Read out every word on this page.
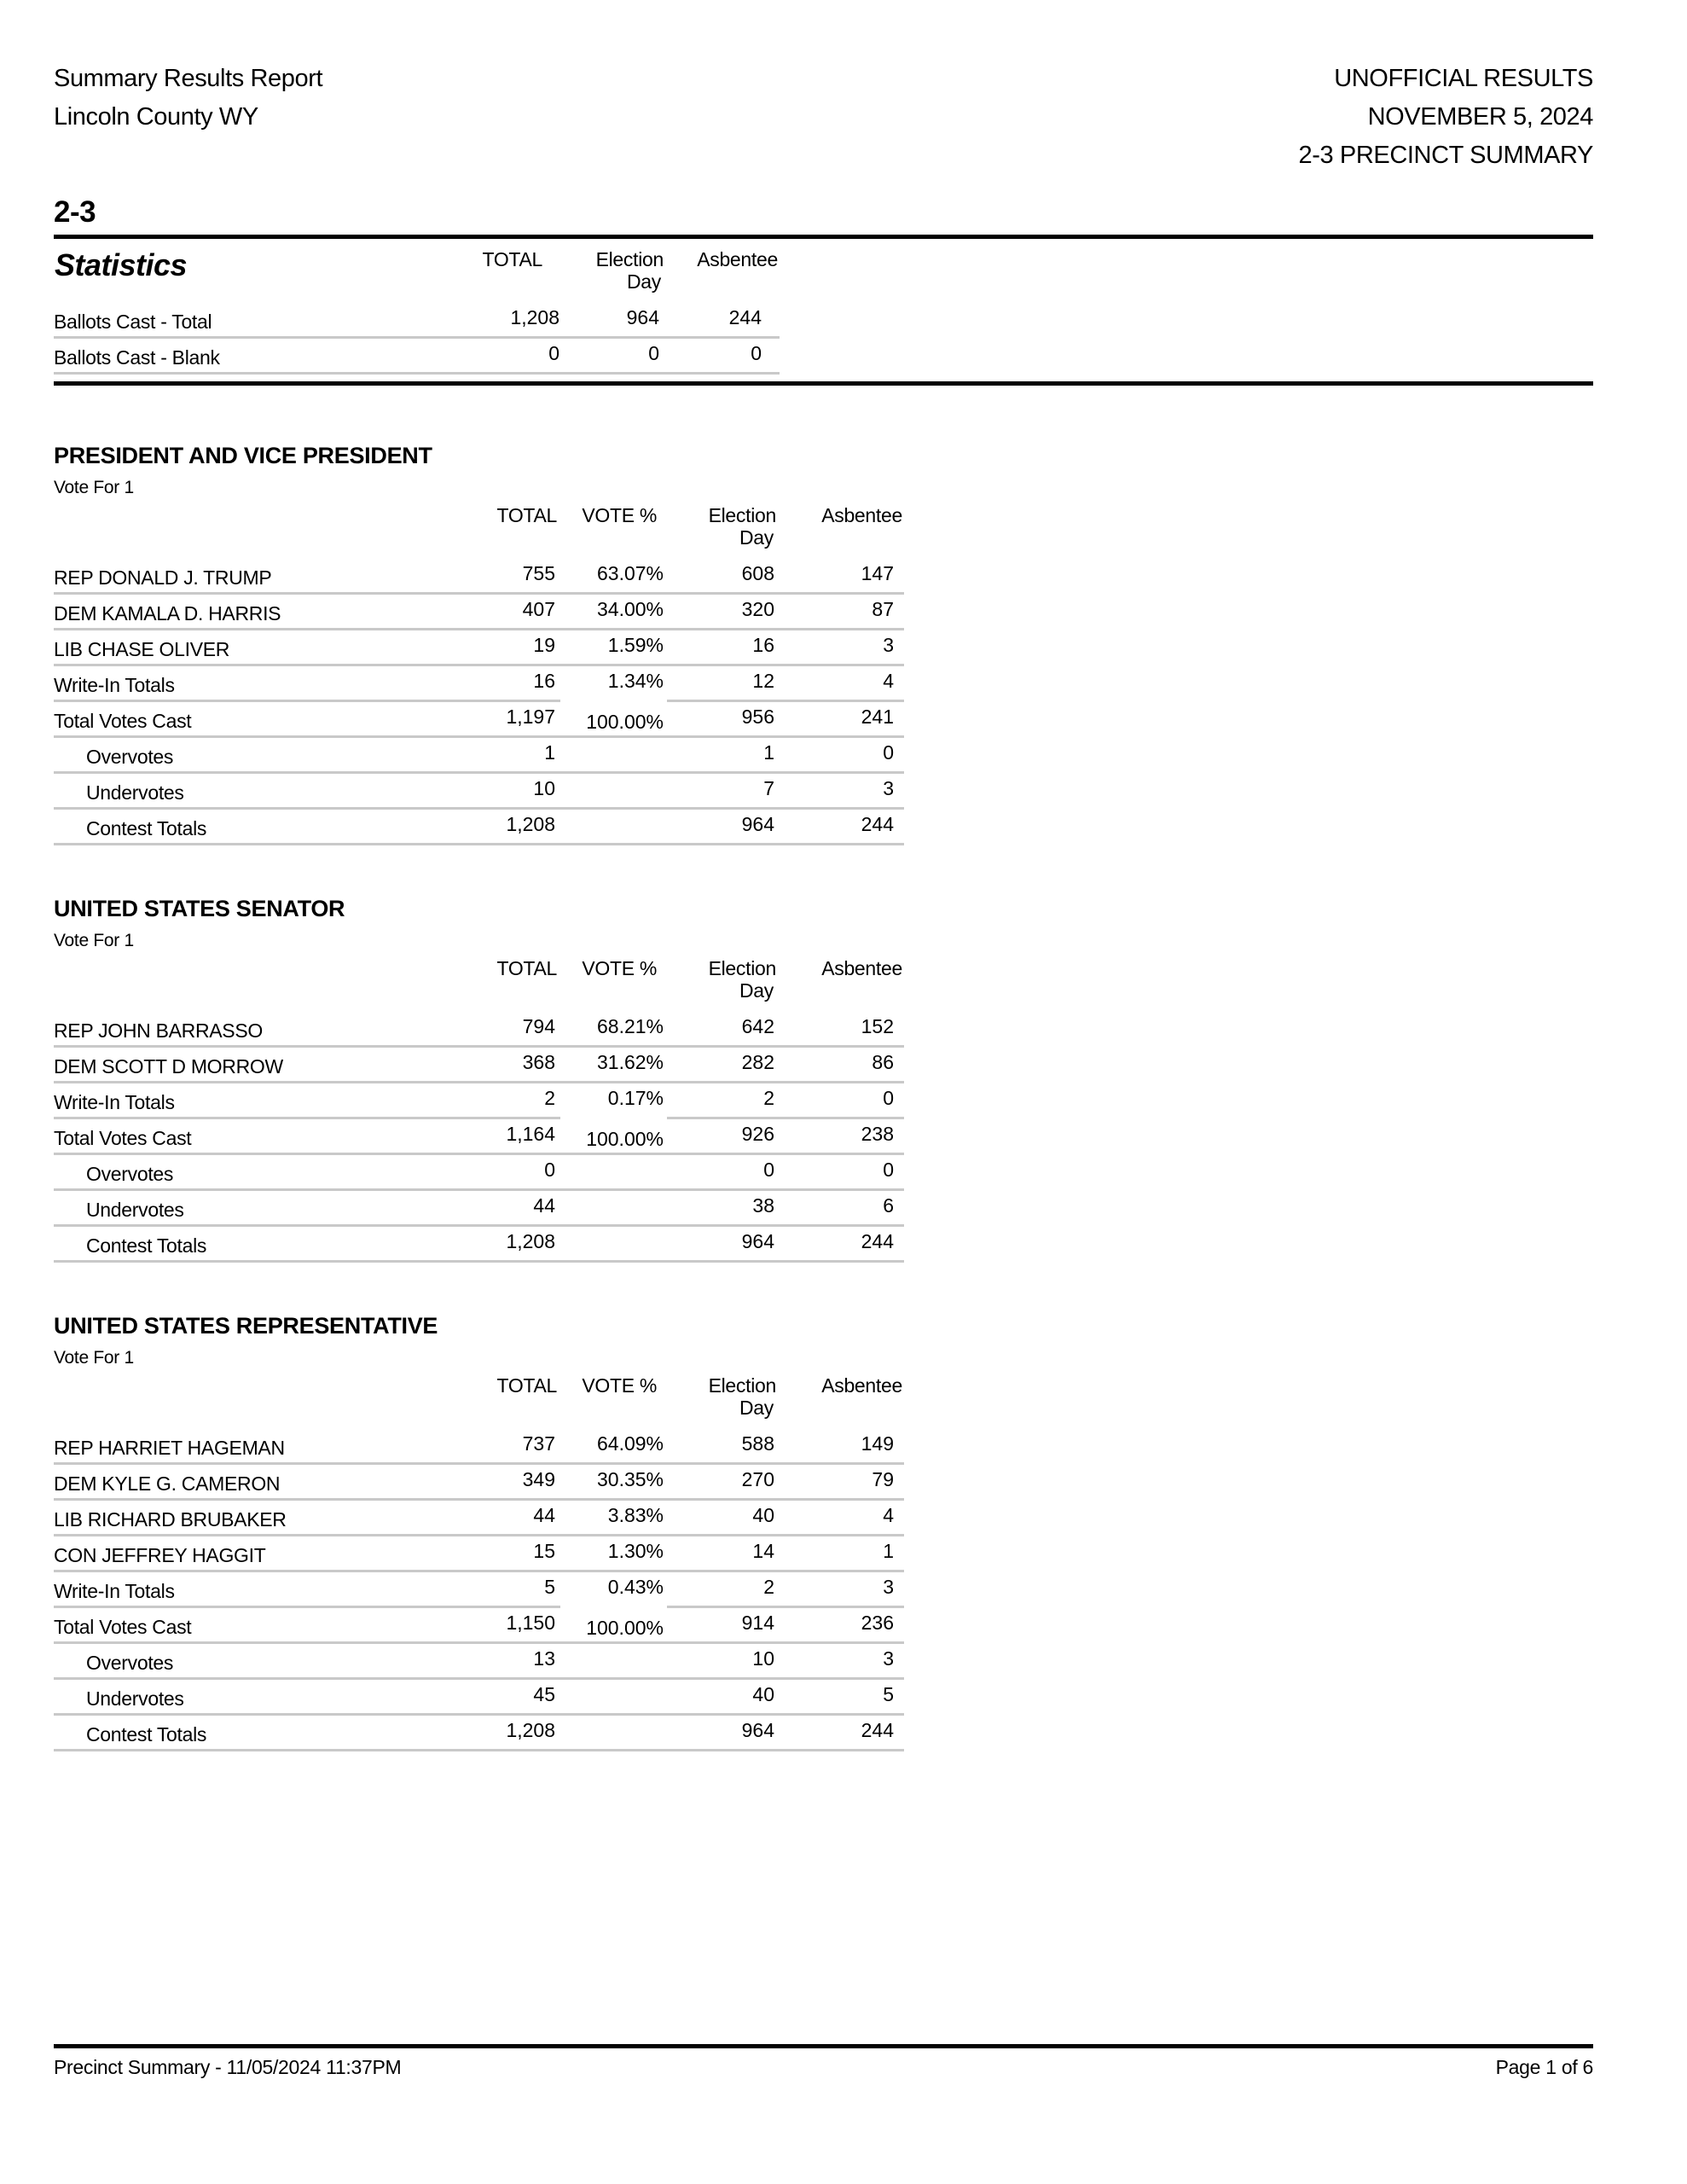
Summary Results Report
Lincoln County WY
UNOFFICIAL RESULTS
NOVEMBER 5, 2024
2-3 PRECINCT SUMMARY
2-3
Statistics	TOTAL	Election
Day	Asbentee
Ballots Cast - Total	1,208	964	244
Ballots Cast - Blank	0	0	0
PRESIDENT AND VICE PRESIDENT
Vote For 1
	TOTAL	VOTE %	Election
Day	Asbentee
REP DONALD J. TRUMP	755	63.07%	608	147
DEM KAMALA D. HARRIS	407	34.00%	320	87
LIB CHASE OLIVER	19	1.59%	16	3
Write-In Totals	16	1.34%	12	4
Total Votes Cast	1,197	100.00%	956	241
Overvotes	1		1	0
Undervotes	10		7	3
Contest Totals	1,208		964	244
UNITED STATES SENATOR
Vote For 1
	TOTAL	VOTE %	Election
Day	Asbentee
REP JOHN BARRASSO	794	68.21%	642	152
DEM SCOTT D MORROW	368	31.62%	282	86
Write-In Totals	2	0.17%	2	0
Total Votes Cast	1,164	100.00%	926	238
Overvotes	0		0	0
Undervotes	44		38	6
Contest Totals	1,208		964	244
UNITED STATES REPRESENTATIVE
Vote For 1
	TOTAL	VOTE %	Election
Day	Asbentee
REP HARRIET HAGEMAN	737	64.09%	588	149
DEM KYLE G. CAMERON	349	30.35%	270	79
LIB RICHARD BRUBAKER	44	3.83%	40	4
CON JEFFREY HAGGIT	15	1.30%	14	1
Write-In Totals	5	0.43%	2	3
Total Votes Cast	1,150	100.00%	914	236
Overvotes	13		10	3
Undervotes	45		40	5
Contest Totals	1,208		964	244
Precinct Summary - 11/05/2024 11:37PM	Page 1 of 6
